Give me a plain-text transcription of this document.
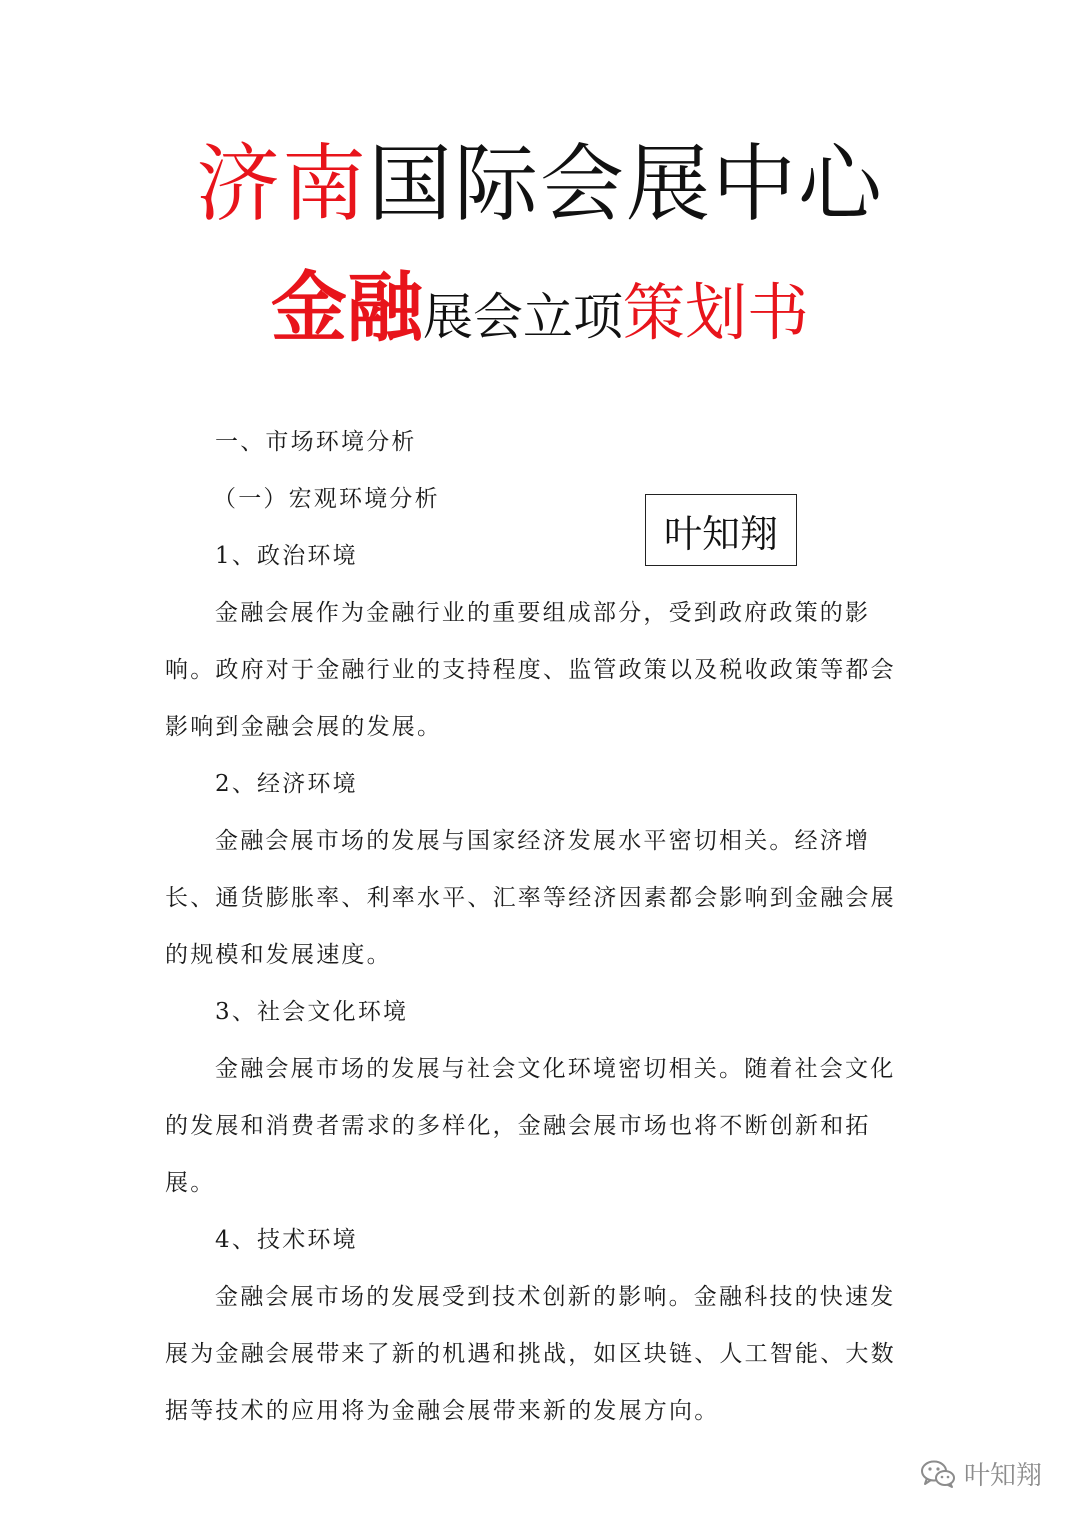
济南国际会展中心
金融展会立项策划书
叶知翔

一、市场环境分析

（一）宏观环境分析

1、政治环境

金融会展作为金融行业的重要组成部分，受到政府政策的影响。政府对于金融行业的支持程度、监管政策以及税收政策等都会影响到金融会展的发展。

2、经济环境

金融会展市场的发展与国家经济发展水平密切相关。经济增长、通货膨胀率、利率水平、汇率等经济因素都会影响到金融会展的规模和发展速度。

3、社会文化环境

金融会展市场的发展与社会文化环境密切相关。随着社会文化的发展和消费者需求的多样化，金融会展市场也将不断创新和拓展。

4、技术环境

金融会展市场的发展受到技术创新的影响。金融科技的快速发展为金融会展带来了新的机遇和挑战，如区块链、人工智能、大数据等技术的应用将为金融会展带来新的发展方向。

叶知翔
